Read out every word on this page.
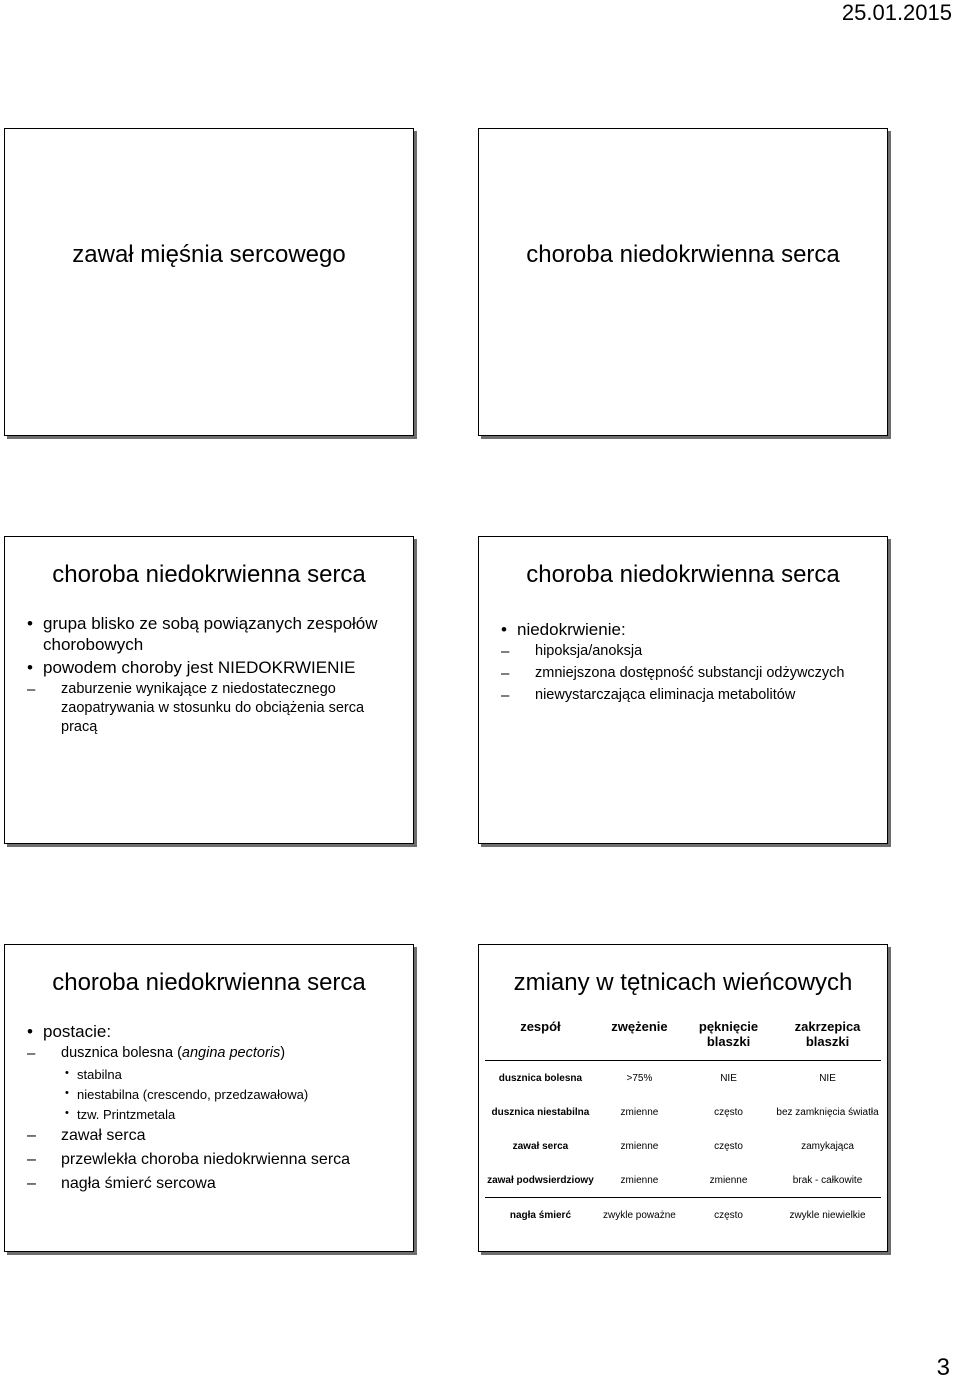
25.01.2015
zawał mięśnia sercowego	choroba niedokrwienna serca
choroba niedokrwienna serca
• grupa blisko ze sobą powiązanych zespołów chorobowych
• powodem choroby jest NIEDOKRWIENIE
– zaburzenie wynikające z niedostatecznego zaopatrywania w stosunku do obciążenia serca pracą
choroba niedokrwienna serca
• niedokrwienie:
– hipoksja/anoksja
– zmniejszona dostępność substancji odżywczych
– niewystarczająca eliminacja metabolitów
choroba niedokrwienna serca
• postacie:
– dusznica bolesna (angina pectoris)
• stabilna
• niestabilna (crescendo, przedzawałowa)
• tzw. Printzmetala
– zawał serca
– przewlekła choroba niedokrwienna serca
– nagła śmierć sercowa
zmiany w tętnicach wieńcowych
zespół	zwężenie	pęknięcie blaszki	zakrzepica blaszki
dusznica bolesna	>75%	NIE	NIE
dusznica niestabilna	zmienne	często	bez zamknięcia światła
zawał serca	zmienne	często	zamykająca
zawał podwsierdziowy	zmienne	zmienne	brak - całkowite
nagła śmierć	zwykle poważne	często	zwykle niewielkie
3
